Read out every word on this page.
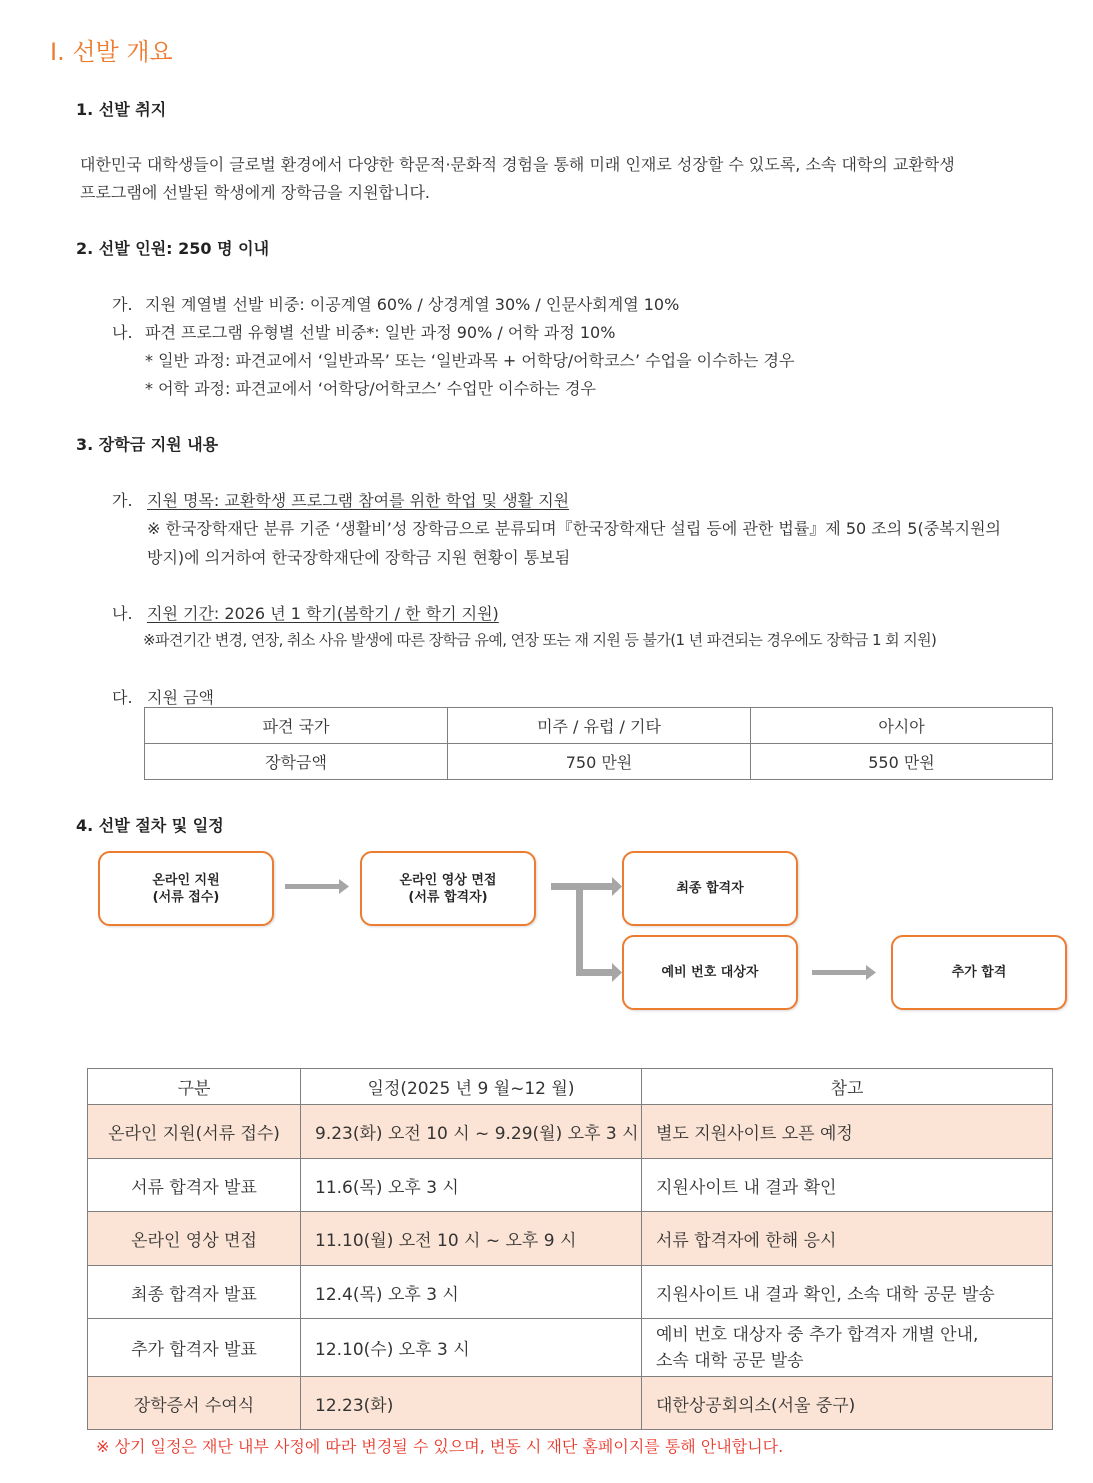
Ⅰ. 선발 개요
1. 선발 취지
대한민국 대학생들이 글로벌 환경에서 다양한 학문적·문화적 경험을 통해 미래 인재로 성장할 수 있도록, 소속 대학의 교환학생
프로그램에 선발된 학생에게 장학금을 지원합니다.
2. 선발 인원: 250 명 이내
가. 지원 계열별 선발 비중: 이공계열 60% / 상경계열 30% / 인문사회계열 10%
나. 파견 프로그램 유형별 선발 비중*: 일반 과정 90% / 어학 과정 10%
* 일반 과정: 파견교에서 ‘일반과목’ 또는 ‘일반과목 + 어학당/어학코스’ 수업을 이수하는 경우
* 어학 과정: 파견교에서 ‘어학당/어학코스’ 수업만 이수하는 경우
3. 장학금 지원 내용
가. 지원 명목: 교환학생 프로그램 참여를 위한 학업 및 생활 지원
※ 한국장학재단 분류 기준 ‘생활비’성 장학금으로 분류되며『한국장학재단 설립 등에 관한 법률』제 50 조의 5(중복지원의
방지)에 의거하여 한국장학재단에 장학금 지원 현황이 통보됨
나. 지원 기간: 2026 년 1 학기(봄학기 / 한 학기 지원)
※파견기간 변경, 연장, 취소 사유 발생에 따른 장학금 유예, 연장 또는 재 지원 등 불가(1 년 파견되는 경우에도 장학금 1 회 지원)
다. 지원 금액
파견 국가	미주 / 유럽 / 기타	아시아
장학금액	750 만원	550 만원
4. 선발 절차 및 일정
온라인 지원
(서류 접수)
온라인 영상 면접
(서류 합격자)
최종 합격자
예비 번호 대상자	추가 합격
구분	일정(2025 년 9 월~12 월)	참고
온라인 지원(서류 접수)	9.23(화) 오전 10 시 ~ 9.29(월) 오후 3 시	별도 지원사이트 오픈 예정
서류 합격자 발표	11.6(목) 오후 3 시	지원사이트 내 결과 확인
온라인 영상 면접	11.10(월) 오전 10 시 ~ 오후 9 시	서류 합격자에 한해 응시
최종 합격자 발표	12.4(목) 오후 3 시	지원사이트 내 결과 확인, 소속 대학 공문 발송
추가 합격자 발표	12.10(수) 오후 3 시	예비 번호 대상자 중 추가 합격자 개별 안내,
소속 대학 공문 발송

장학증서 수여식	12.23(화)	대한상공회의소(서울 중구)
※ 상기 일정은 재단 내부 사정에 따라 변경될 수 있으며, 변동 시 재단 홈페이지를 통해 안내합니다.
